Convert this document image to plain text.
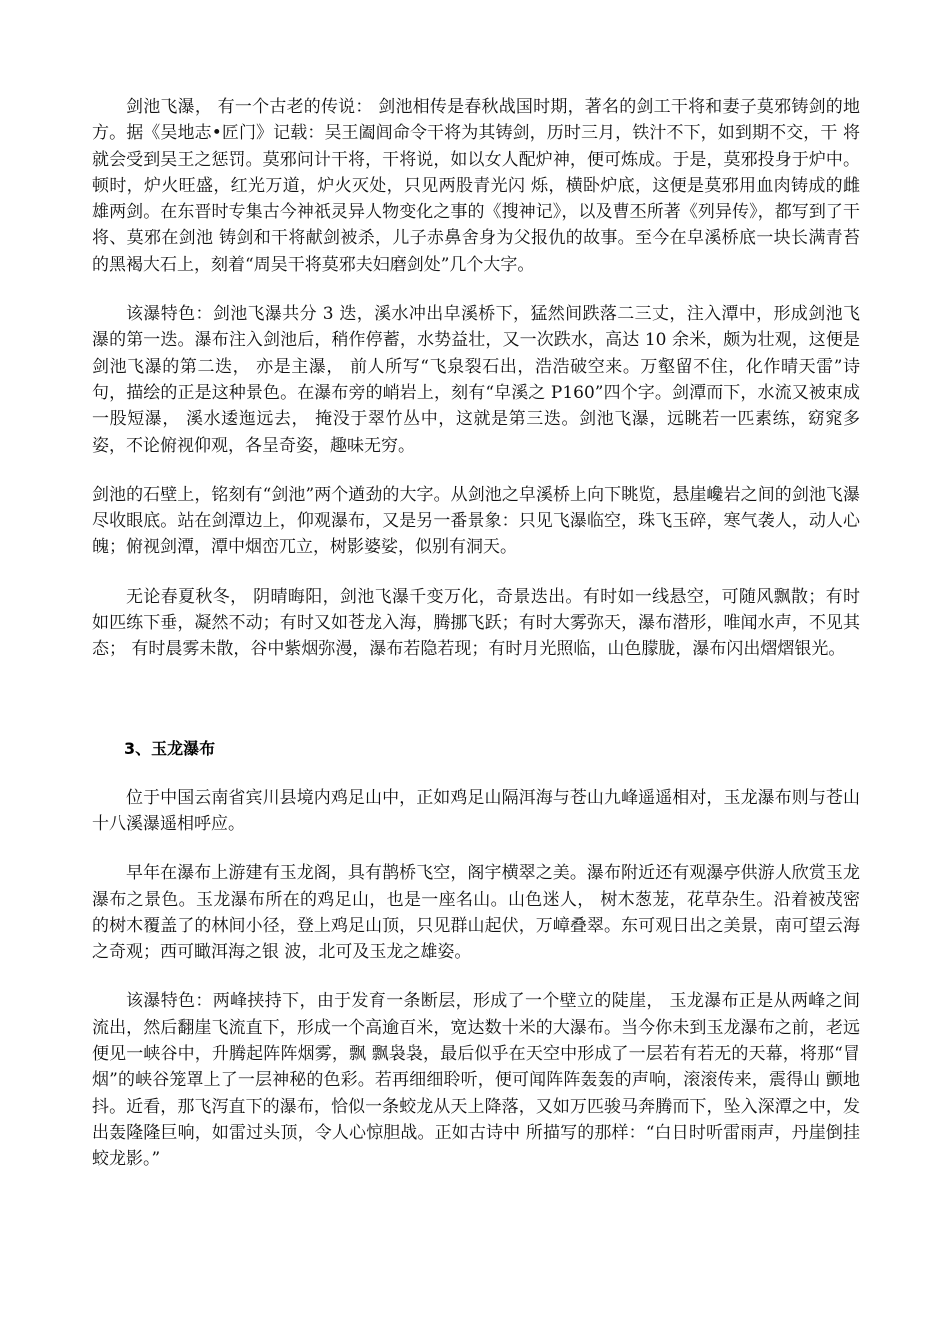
剑池飞瀑， 有一个古老的传说： 剑池相传是春秋战国时期，著名的剑工干将和妻子莫邪铸剑的地方。据《吴地志•匠门》记载：吴王阖闾命令干将为其铸剑，历时三月，铁汁不下，如到期不交，干 将就会受到吴王之惩罚。莫邪问计干将，干将说，如以女人配炉神，便可炼成。于是，莫邪投身于炉中。顿时，炉火旺盛，红光万道，炉火灭处，只见两股青光闪 烁，横卧炉底，这便是莫邪用血肉铸成的雌雄两剑。在东晋时专集古今神祇灵异人物变化之事的《搜神记》，以及曹丕所著《列异传》，都写到了干将、莫邪在剑池 铸剑和干将献剑被杀，儿子赤鼻舍身为父报仇的故事。至今在皁溪桥底一块长满青苔的黑褐大石上，刻着“周吴干将莫邪夫妇磨剑处”几个大字。

该瀑特色：剑池飞瀑共分 3 迭，溪水冲出皁溪桥下，猛然间跌落二三丈，注入潭中，形成剑池飞瀑的第一迭。瀑布注入剑池后，稍作停蓄，水势益壮，又一次跌水，高达 10 余米，颇为壮观，这便是剑池飞瀑的第二迭， 亦是主瀑， 前人所写“飞泉裂石出，浩浩破空来。万壑留不住，化作晴天雷”诗句，描绘的正是这种景色。在瀑布旁的峭岩上，刻有“皁溪之 P160”四个字。剑潭而下，水流又被束成一股短瀑， 溪水逶迤远去， 掩没于翠竹丛中，这就是第三迭。剑池飞瀑，远眺若一匹素练，窈窕多姿，不论俯视仰观，各呈奇姿，趣味无穷。

剑池的石壁上，铭刻有“剑池”两个遒劲的大字。从剑池之皁溪桥上向下眺览，悬崖巉岩之间的剑池飞瀑尽收眼底。站在剑潭边上，仰观瀑布，又是另一番景象：只见飞瀑临空，珠飞玉碎，寒气袭人，动人心魄；俯视剑潭，潭中烟峦兀立，树影婆娑，似别有洞天。

无论春夏秋冬， 阴晴晦阳，剑池飞瀑千变万化，奇景迭出。有时如一线悬空，可随风飘散；有时如匹练下垂，凝然不动；有时又如苍龙入海，腾挪飞跃；有时大雾弥天，瀑布潜形，唯闻水声，不见其态； 有时晨雾未散，谷中紫烟弥漫，瀑布若隐若现；有时月光照临，山色朦胧，瀑布闪出熠熠银光。

3、玉龙瀑布

位于中国云南省宾川县境内鸡足山中，正如鸡足山隔洱海与苍山九峰遥遥相对，玉龙瀑布则与苍山十八溪瀑遥相呼应。

早年在瀑布上游建有玉龙阁，具有鹊桥飞空，阁宇横翠之美。瀑布附近还有观瀑亭供游人欣赏玉龙瀑布之景色。玉龙瀑布所在的鸡足山，也是一座名山。山色迷人， 树木葱茏，花草杂生。沿着被茂密的树木覆盖了的林间小径，登上鸡足山顶，只见群山起伏，万嶂叠翠。东可观日出之美景，南可望云海之奇观；西可瞰洱海之银 波，北可及玉龙之雄姿。

该瀑特色：两峰挟持下，由于发育一条断层，形成了一个壁立的陡崖， 玉龙瀑布正是从两峰之间流出，然后翻崖飞流直下，形成一个高逾百米，宽达数十米的大瀑布。当今你未到玉龙瀑布之前，老远便见一峡谷中，升腾起阵阵烟雾，飘 飘袅袅，最后似乎在天空中形成了一层若有若无的天幕，将那“冒烟”的峡谷笼罩上了一层神秘的色彩。若再细细聆听，便可闻阵阵轰轰的声响，滚滚传来，震得山 颤地抖。近看，那飞泻直下的瀑布，恰似一条蛟龙从天上降落，又如万匹骏马奔腾而下，坠入深潭之中，发出轰隆隆巨响，如雷过头顶，令人心惊胆战。正如古诗中 所描写的那样：“白日时听雷雨声，丹崖倒挂蛟龙影。”
